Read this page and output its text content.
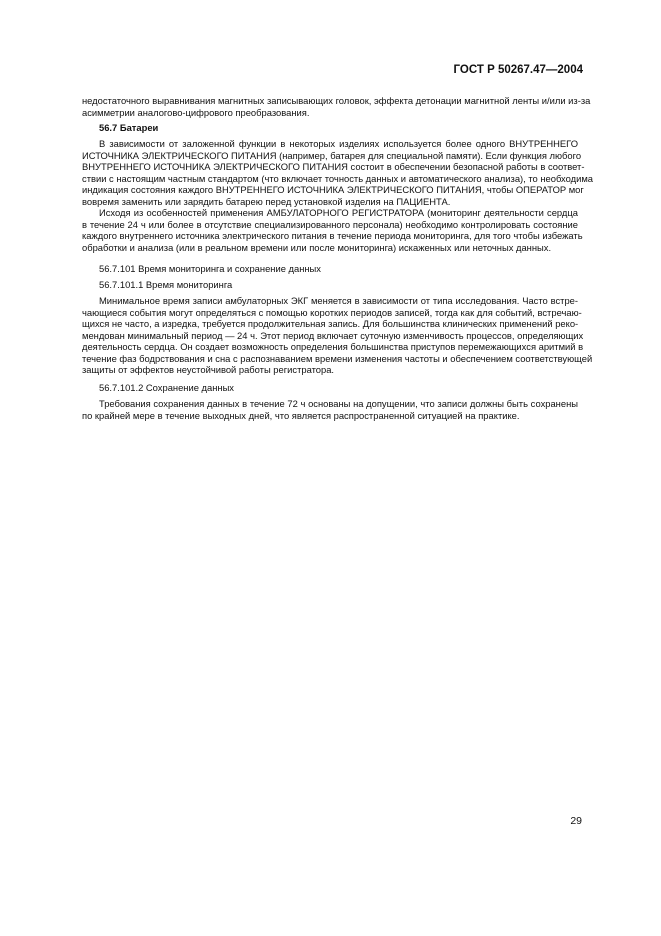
ГОСТ Р 50267.47—2004
недостаточного выравнивания магнитных записывающих головок, эффекта детонации магнитной ленты и/или из-за
асимметрии аналогово-цифрового преобразования.
56.7 Батареи
В зависимости от заложенной функции в некоторых изделиях используется более одного ВНУТРЕННЕГО
ИСТОЧНИКА ЭЛЕКТРИЧЕСКОГО ПИТАНИЯ (например, батарея для специальной памяти). Если функция любого
ВНУТРЕННЕГО ИСТОЧНИКА ЭЛЕКТРИЧЕСКОГО ПИТАНИЯ состоит в обеспечении безопасной работы в соответ-
ствии с настоящим частным стандартом (что включает точность данных и автоматического анализа), то необходима
индикация состояния каждого ВНУТРЕННЕГО ИСТОЧНИКА ЭЛЕКТРИЧЕСКОГО ПИТАНИЯ, чтобы ОПЕРАТОР мог
вовремя заменить или зарядить батарею перед установкой изделия на ПАЦИЕНТА.
Исходя из особенностей применения АМБУЛАТОРНОГО РЕГИСТРАТОРА (мониторинг деятельности сердца
в течение 24 ч или более в отсутствие специализированного персонала) необходимо контролировать состояние
каждого внутреннего источника электрического питания в течение периода мониторинга, для того чтобы избежать
обработки и анализа (или в реальном времени или после мониторинга) искаженных или неточных данных.
56.7.101 Время мониторинга и сохранение данных
56.7.101.1 Время мониторинга
Минимальное время записи амбулаторных ЭКГ меняется в зависимости от типа исследования. Часто встре-
чающиеся события могут определяться с помощью коротких периодов записей, тогда как для событий, встречаю-
щихся не часто, а изредка, требуется продолжительная запись. Для большинства клинических применений реко-
мендован минимальный период — 24 ч. Этот период включает суточную изменчивость процессов, определяющих
деятельность сердца. Он создает возможность определения большинства приступов перемежающихся аритмий в
течение фаз бодрствования и сна с распознаванием времени изменения частоты и обеспечением соответствующей
защиты от эффектов неустойчивой работы регистратора.
56.7.101.2 Сохранение данных
Требования сохранения данных в течение 72 ч основаны на допущении, что записи должны быть сохранены
по крайней мере в течение выходных дней, что является распространенной ситуацией на практике.
29
